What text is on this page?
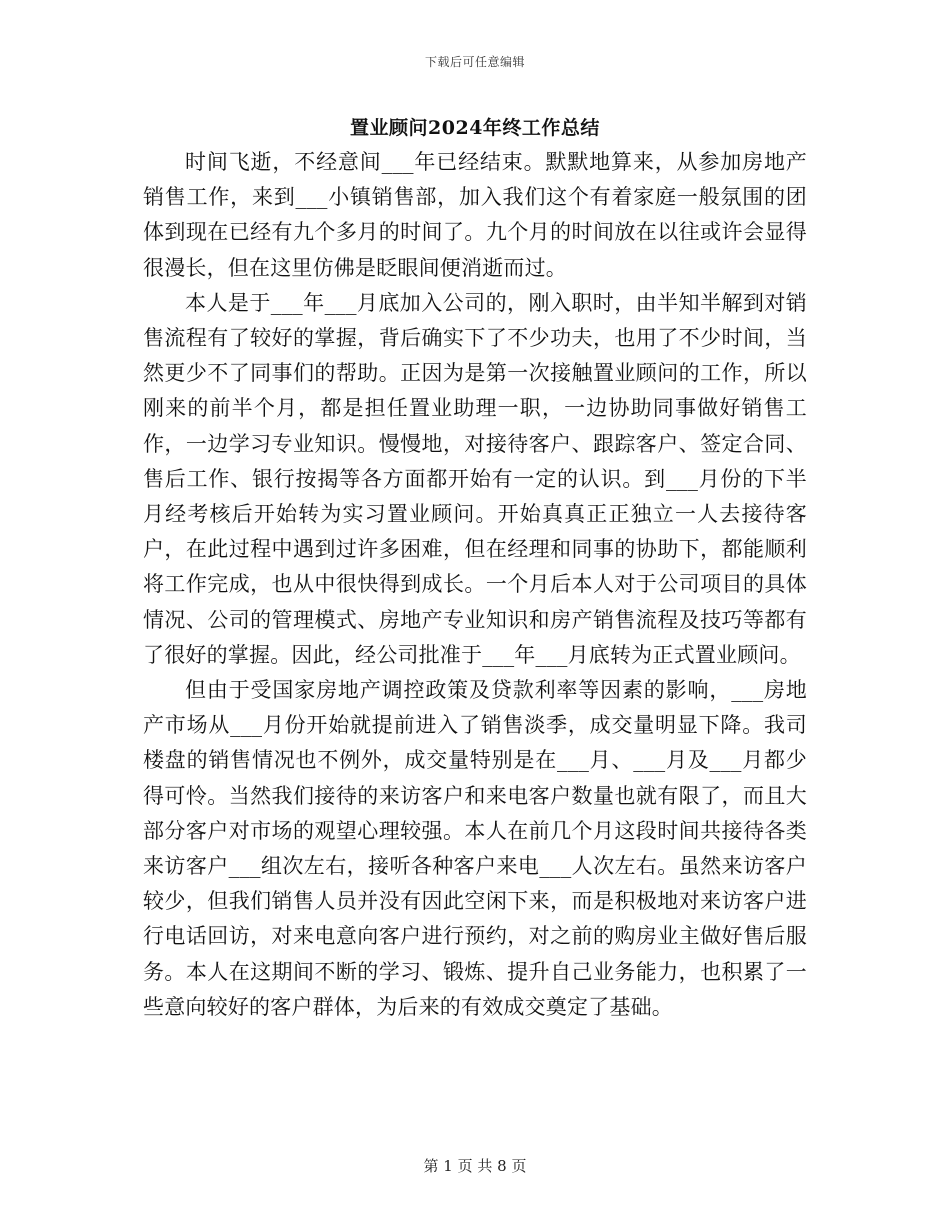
下载后可任意编辑
置业顾问2024年终工作总结

时间飞逝，不经意间___年已经结束。默默地算来，从参加房地产销售工作，来到___小镇销售部，加入我们这个有着家庭一般氛围的团体到现在已经有九个多月的时间了。九个月的时间放在以往或许会显得很漫长，但在这里仿佛是眨眼间便消逝而过。

本人是于___年___月底加入公司的，刚入职时，由半知半解到对销售流程有了较好的掌握，背后确实下了不少功夫，也用了不少时间，当然更少不了同事们的帮助。正因为是第一次接触置业顾问的工作，所以刚来的前半个月，都是担任置业助理一职，一边协助同事做好销售工作，一边学习专业知识。慢慢地，对接待客户、跟踪客户、签定合同、售后工作、银行按揭等各方面都开始有一定的认识。到___月份的下半月经考核后开始转为实习置业顾问。开始真真正正独立一人去接待客户，在此过程中遇到过许多困难，但在经理和同事的协助下，都能顺利将工作完成，也从中很快得到成长。一个月后本人对于公司项目的具体情况、公司的管理模式、房地产专业知识和房产销售流程及技巧等都有了很好的掌握。因此，经公司批准于___年___月底转为正式置业顾问。

但由于受国家房地产调控政策及贷款利率等因素的影响，___房地产市场从___月份开始就提前进入了销售淡季，成交量明显下降。我司楼盘的销售情况也不例外，成交量特别是在___月、___月及___月都少得可怜。当然我们接待的来访客户和来电客户数量也就有限了，而且大部分客户对市场的观望心理较强。本人在前几个月这段时间共接待各类来访客户___组次左右，接听各种客户来电___人次左右。虽然来访客户较少，但我们销售人员并没有因此空闲下来，而是积极地对来访客户进行电话回访，对来电意向客户进行预约，对之前的购房业主做好售后服务。本人在这期间不断的学习、锻炼、提升自己业务能力，也积累了一些意向较好的客户群体，为后来的有效成交奠定了基础。

第 1 页 共 8 页
